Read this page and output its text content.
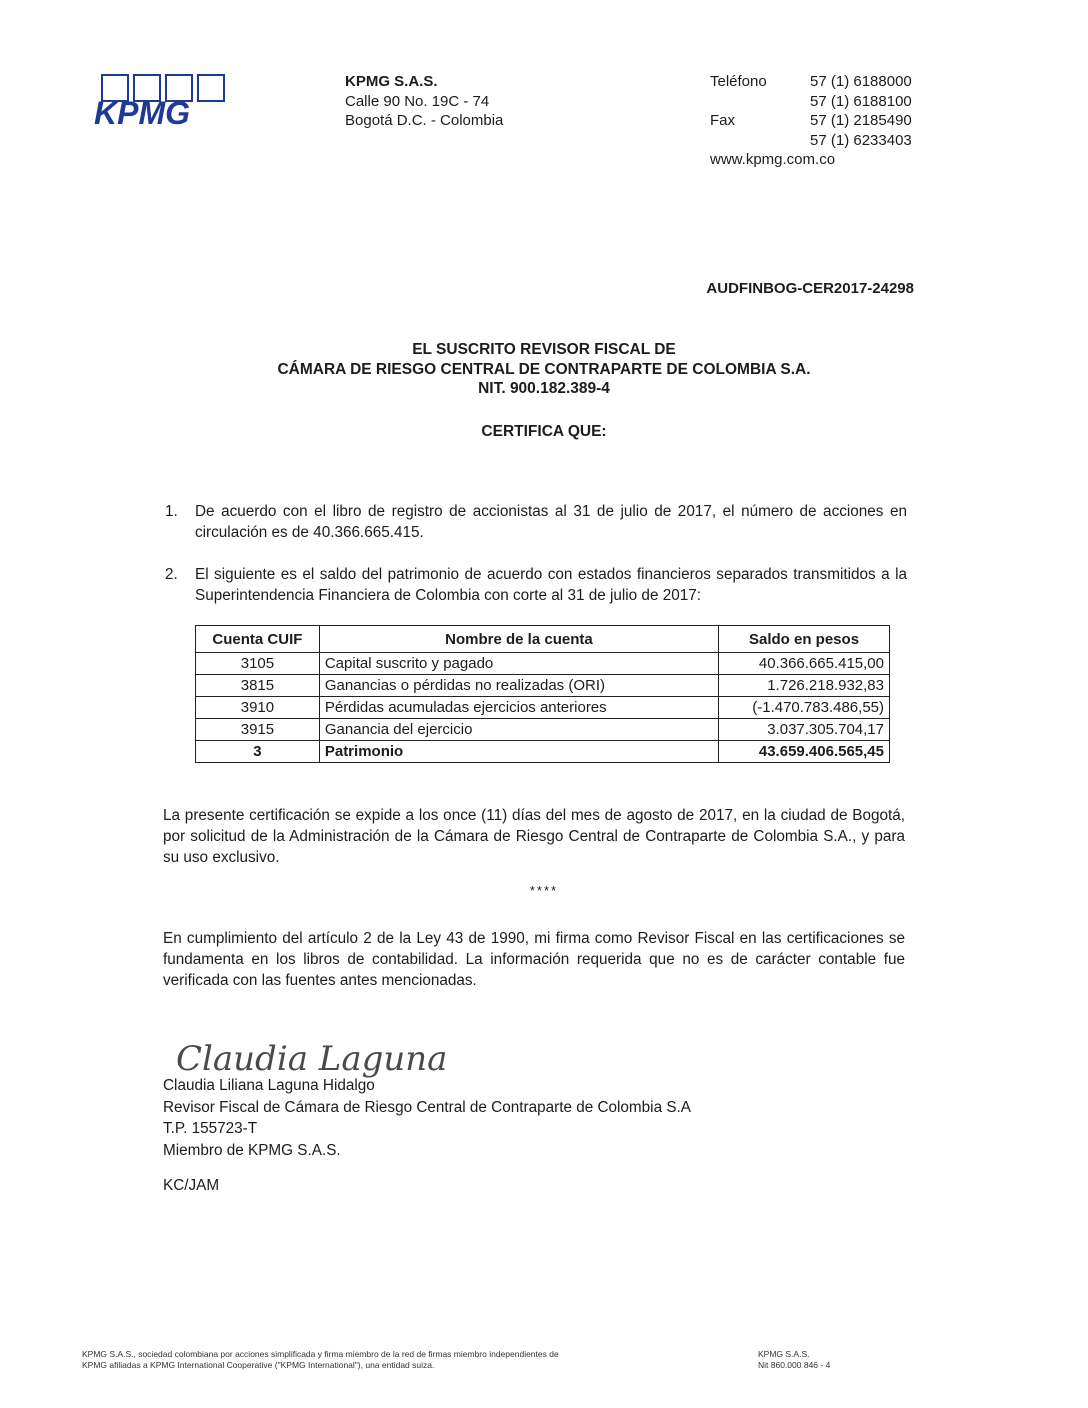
KPMG
KPMG S.A.S.
Calle 90 No. 19C - 74
Bogotá D.C. - Colombia
Teléfono	57 (1) 6188000
57 (1) 6188100
Fax	57 (1) 2185490
57 (1) 6233403
www.kpmg.com.co
AUDFINBOG-CER2017-24298
EL SUSCRITO REVISOR FISCAL DE
CÁMARA DE RIESGO CENTRAL DE CONTRAPARTE DE COLOMBIA S.A.
NIT. 900.182.389-4
CERTIFICA QUE:
1.	De acuerdo con el libro de registro de accionistas al 31 de julio de 2017, el número de acciones en circulación es de 40.366.665.415.
2.	El siguiente es el saldo del patrimonio de acuerdo con estados financieros separados transmitidos a la Superintendencia Financiera de Colombia con corte al 31 de julio de 2017:
Cuenta CUIF	Nombre de la cuenta	Saldo en pesos
3105	Capital suscrito y pagado	40.366.665.415,00
3815	Ganancias o pérdidas no realizadas (ORI)	1.726.218.932,83
3910	Pérdidas acumuladas ejercicios anteriores	(-1.470.783.486,55)
3915	Ganancia del ejercicio	3.037.305.704,17
3	Patrimonio	43.659.406.565,45
La presente certificación se expide a los once (11) días del mes de agosto de 2017, en la ciudad de Bogotá, por solicitud de la Administración de la Cámara de Riesgo Central de Contraparte de Colombia S.A., y para su uso exclusivo.
****
En cumplimiento del artículo 2 de la Ley 43 de 1990, mi firma como Revisor Fiscal en las certificaciones se fundamenta en los libros de contabilidad. La información requerida que no es de carácter contable fue verificada con las fuentes antes mencionadas.
Claudia Laguna
Claudia Liliana Laguna Hidalgo
Revisor Fiscal de Cámara de Riesgo Central de Contraparte de Colombia S.A
T.P. 155723-T
Miembro de KPMG S.A.S.
KC/JAM
KPMG S.A.S., sociedad colombiana por acciones simplificada y firma miembro de la red de firmas miembro independientes de
KPMG afiliadas a KPMG International Cooperative ("KPMG International"), una entidad suiza.
KPMG S.A.S.
Nit 860.000 846 - 4
